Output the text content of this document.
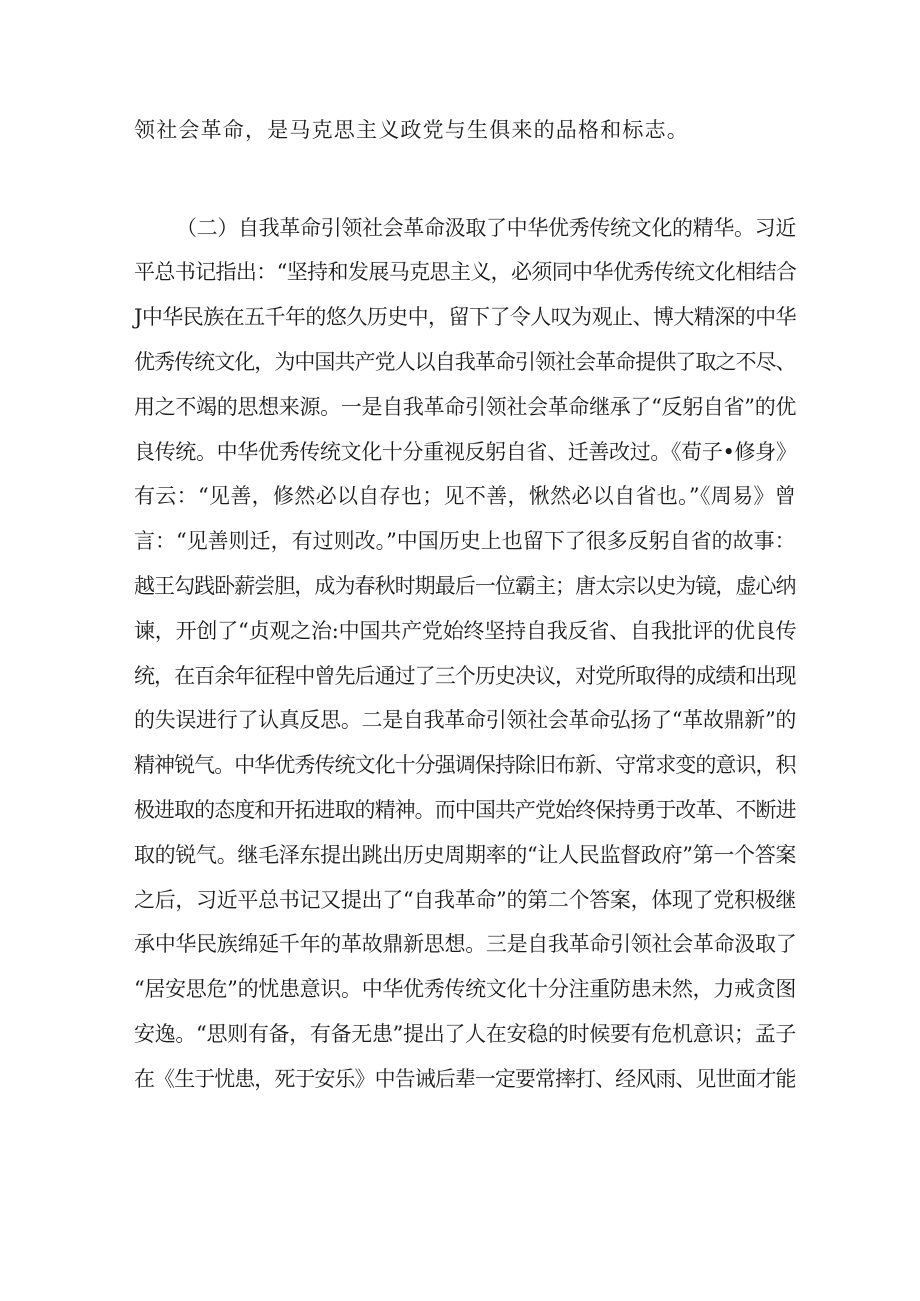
领社会革命，是马克思主义政党与生俱来的品格和标志。
（二）自我革命引领社会革命汲取了中华优秀传统文化的精华。习近
平总书记指出：“坚持和发展马克思主义，必须同中华优秀传统文化相结合
J中华民族在五千年的悠久历史中，留下了令人叹为观止、博大精深的中华
优秀传统文化，为中国共产党人以自我革命引领社会革命提供了取之不尽、
用之不竭的思想来源。一是自我革命引领社会革命继承了“反躬自省”的优
良传统。中华优秀传统文化十分重视反躬自省、迁善改过。《荀子•修身》
有云：“见善，修然必以自存也；见不善，愀然必以自省也。”《周易》曾
言：“见善则迁，有过则改。”中国历史上也留下了很多反躬自省的故事：
越王勾践卧薪尝胆，成为春秋时期最后一位霸主；唐太宗以史为镜，虚心纳
谏，开创了“贞观之治:中国共产党始终坚持自我反省、自我批评的优良传
统，在百余年征程中曾先后通过了三个历史决议，对党所取得的成绩和出现
的失误进行了认真反思。二是自我革命引领社会革命弘扬了“革故鼎新”的
精神锐气。中华优秀传统文化十分强调保持除旧布新、守常求变的意识，积
极进取的态度和开拓进取的精神。而中国共产党始终保持勇于改革、不断进
取的锐气。继毛泽东提出跳出历史周期率的“让人民监督政府”第一个答案
之后，习近平总书记又提出了“自我革命”的第二个答案，体现了党积极继
承中华民族绵延千年的革故鼎新思想。三是自我革命引领社会革命汲取了
“居安思危”的忧患意识。中华优秀传统文化十分注重防患未然，力戒贪图
安逸。“思则有备，有备无患”提出了人在安稳的时候要有危机意识；孟子
在《生于忧患，死于安乐》中告诫后辈一定要常摔打、经风雨、见世面才能
